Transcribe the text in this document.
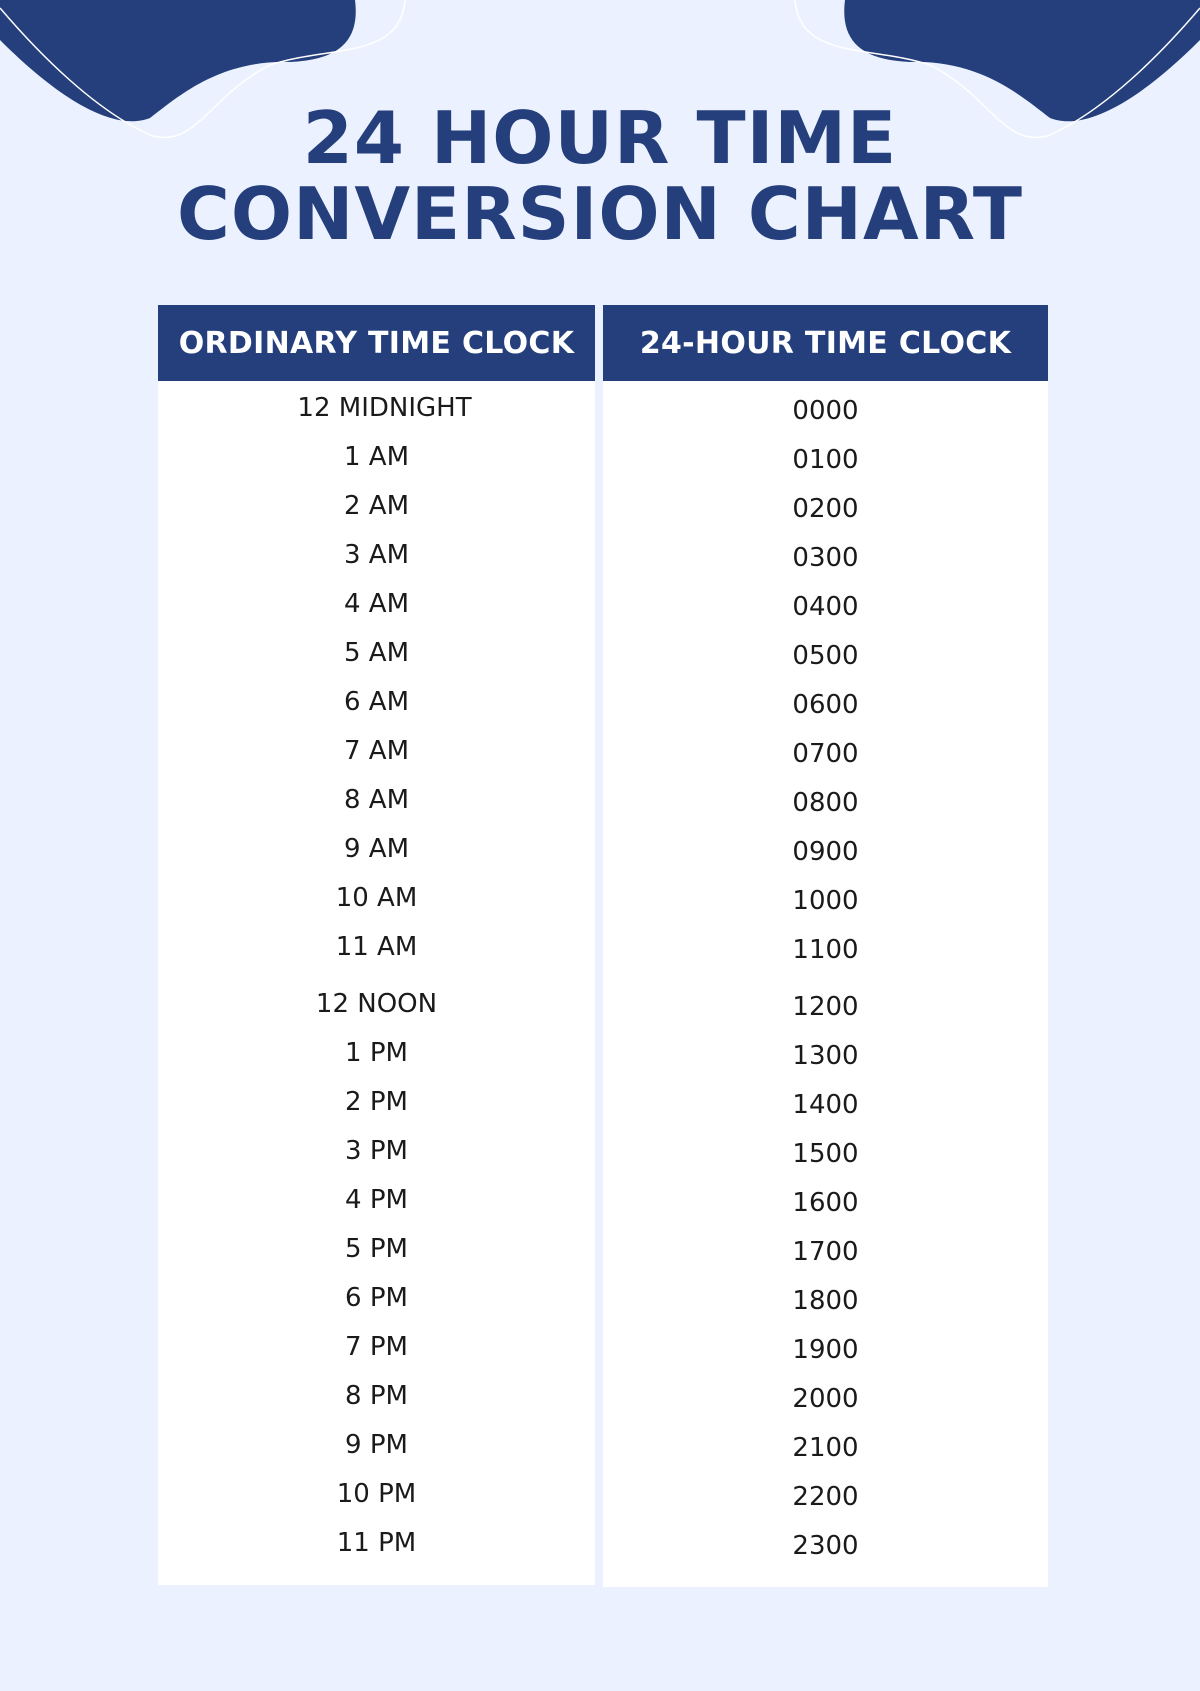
24 HOUR TIME
CONVERSION CHART
ORDINARY TIME CLOCK
12 MIDNIGHT
1 AM
2 AM
3 AM
4 AM
5 AM
6 AM
7 AM
8 AM
9 AM
10 AM
11 AM
12 NOON
1 PM
2 PM
3 PM
4 PM
5 PM
6 PM
7 PM
8 PM
9 PM
10 PM
11 PM
24-HOUR TIME CLOCK
0000
0100
0200
0300
0400
0500
0600
0700
0800
0900
1000
1100
1200
1300
1400
1500
1600
1700
1800
1900
2000
2100
2200
2300
